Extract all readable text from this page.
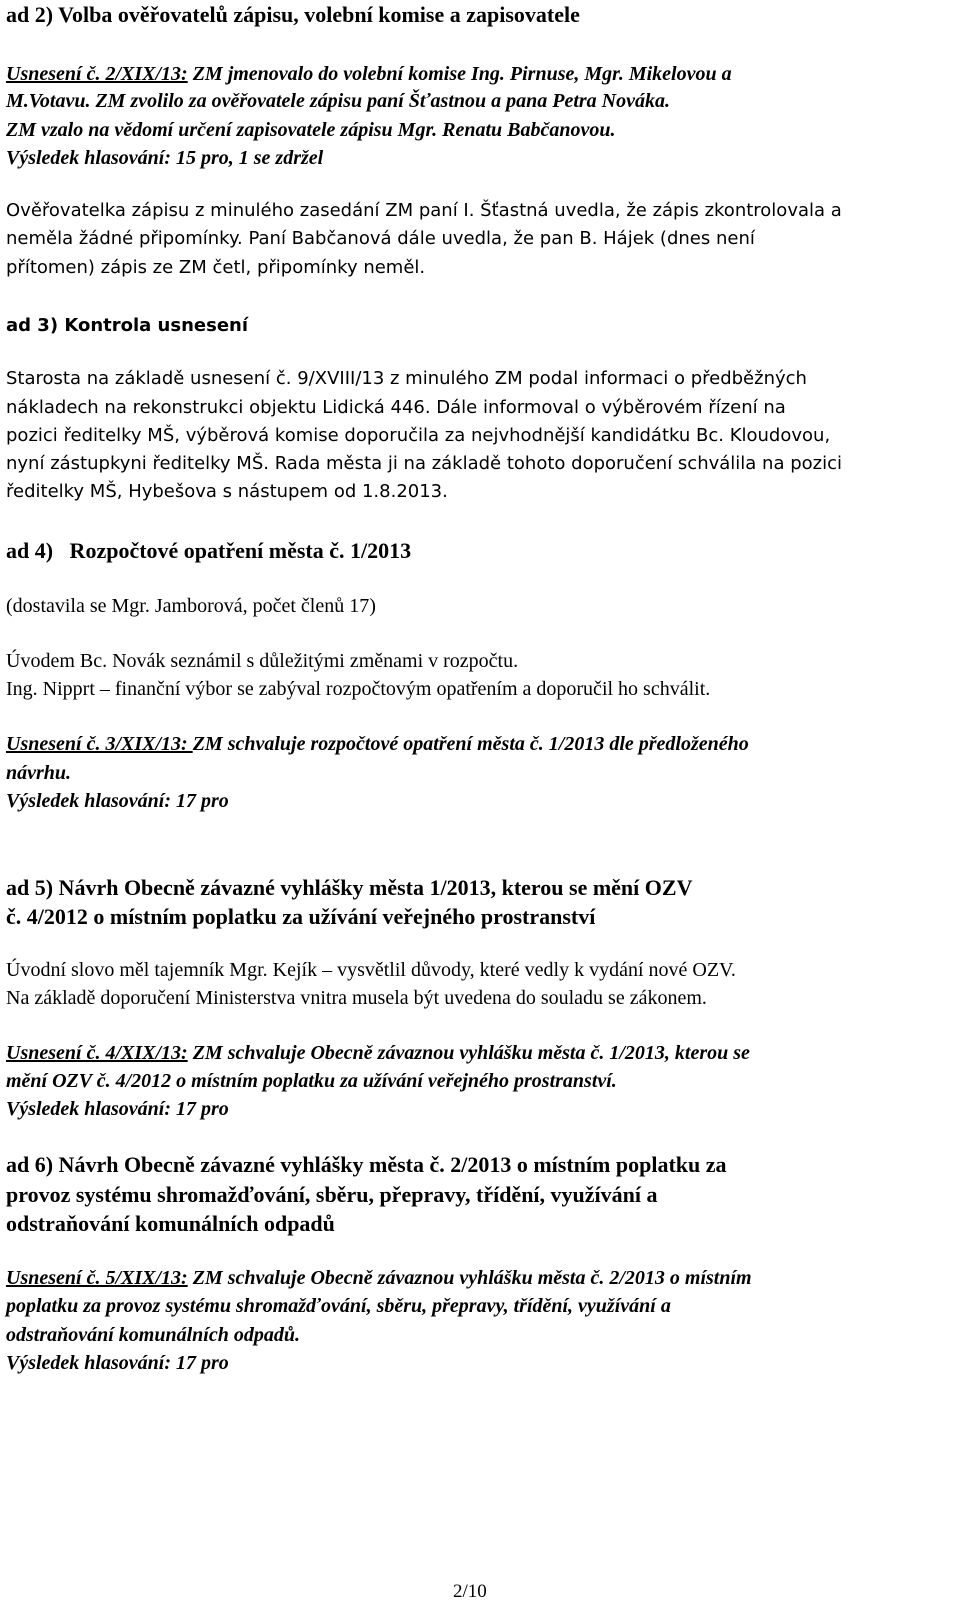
ad 2) Volba ověřovatelů zápisu, volební komise a zapisovatele
Usnesení č. 2/XIX/13: ZM jmenovalo do volební komise Ing. Pirnuse, Mgr. Mikelovou a
M.Votavu. ZM zvolilo za ověřovatele zápisu paní Šťastnou a pana Petra Nováka.
ZM vzalo na vědomí určení zapisovatele zápisu Mgr. Renatu Babčanovou.
Výsledek hlasování: 15 pro, 1 se zdržel
Ověřovatelka zápisu z minulého zasedání ZM paní I. Šťastná uvedla, že zápis zkontrolovala a
neměla žádné připomínky. Paní Babčanová dále uvedla, že pan B. Hájek (dnes není
přítomen) zápis ze ZM četl, připomínky neměl.
ad 3) Kontrola usnesení
Starosta na základě usnesení č. 9/XVIII/13 z minulého ZM podal informaci o předběžných
nákladech na rekonstrukci objektu Lidická 446. Dále informoval o výběrovém řízení na
pozici ředitelky MŠ, výběrová komise doporučila za nejvhodnější kandidátku Bc. Kloudovou,
nyní zástupkyni ředitelky MŠ. Rada města ji na základě tohoto doporučení schválila na pozici
ředitelky MŠ, Hybešova s nástupem od 1.8.2013.
ad 4)   Rozpočtové opatření města č. 1/2013
(dostavila se Mgr. Jamborová, počet členů 17)
Úvodem Bc. Novák seznámil s důležitými změnami v rozpočtu.
Ing. Nipprt – finanční výbor se zabýval rozpočtovým opatřením a doporučil ho schválit.
Usnesení č. 3/XIX/13: ZM schvaluje rozpočtové opatření města č. 1/2013 dle předloženého
návrhu.
Výsledek hlasování: 17 pro
ad 5) Návrh Obecně závazné vyhlášky města 1/2013, kterou se mění OZV
č. 4/2012 o místním poplatku za užívání veřejného prostranství
Úvodní slovo měl tajemník Mgr. Kejík – vysvětlil důvody, které vedly k vydání nové OZV.
Na základě doporučení Ministerstva vnitra musela být uvedena do souladu se zákonem.
Usnesení č. 4/XIX/13: ZM schvaluje Obecně závaznou vyhlášku města č. 1/2013, kterou se
mění OZV č. 4/2012 o místním poplatku za užívání veřejného prostranství.
Výsledek hlasování: 17 pro
ad 6) Návrh Obecně závazné vyhlášky města č. 2/2013 o místním poplatku za
provoz systému shromažďování, sběru, přepravy, třídění, využívání a
odstraňování komunálních odpadů
Usnesení č. 5/XIX/13: ZM schvaluje Obecně závaznou vyhlášku města č. 2/2013 o místním
poplatku za provoz systému shromažďování, sběru, přepravy, třídění, využívání a
odstraňování komunálních odpadů.
Výsledek hlasování: 17 pro
2/10
